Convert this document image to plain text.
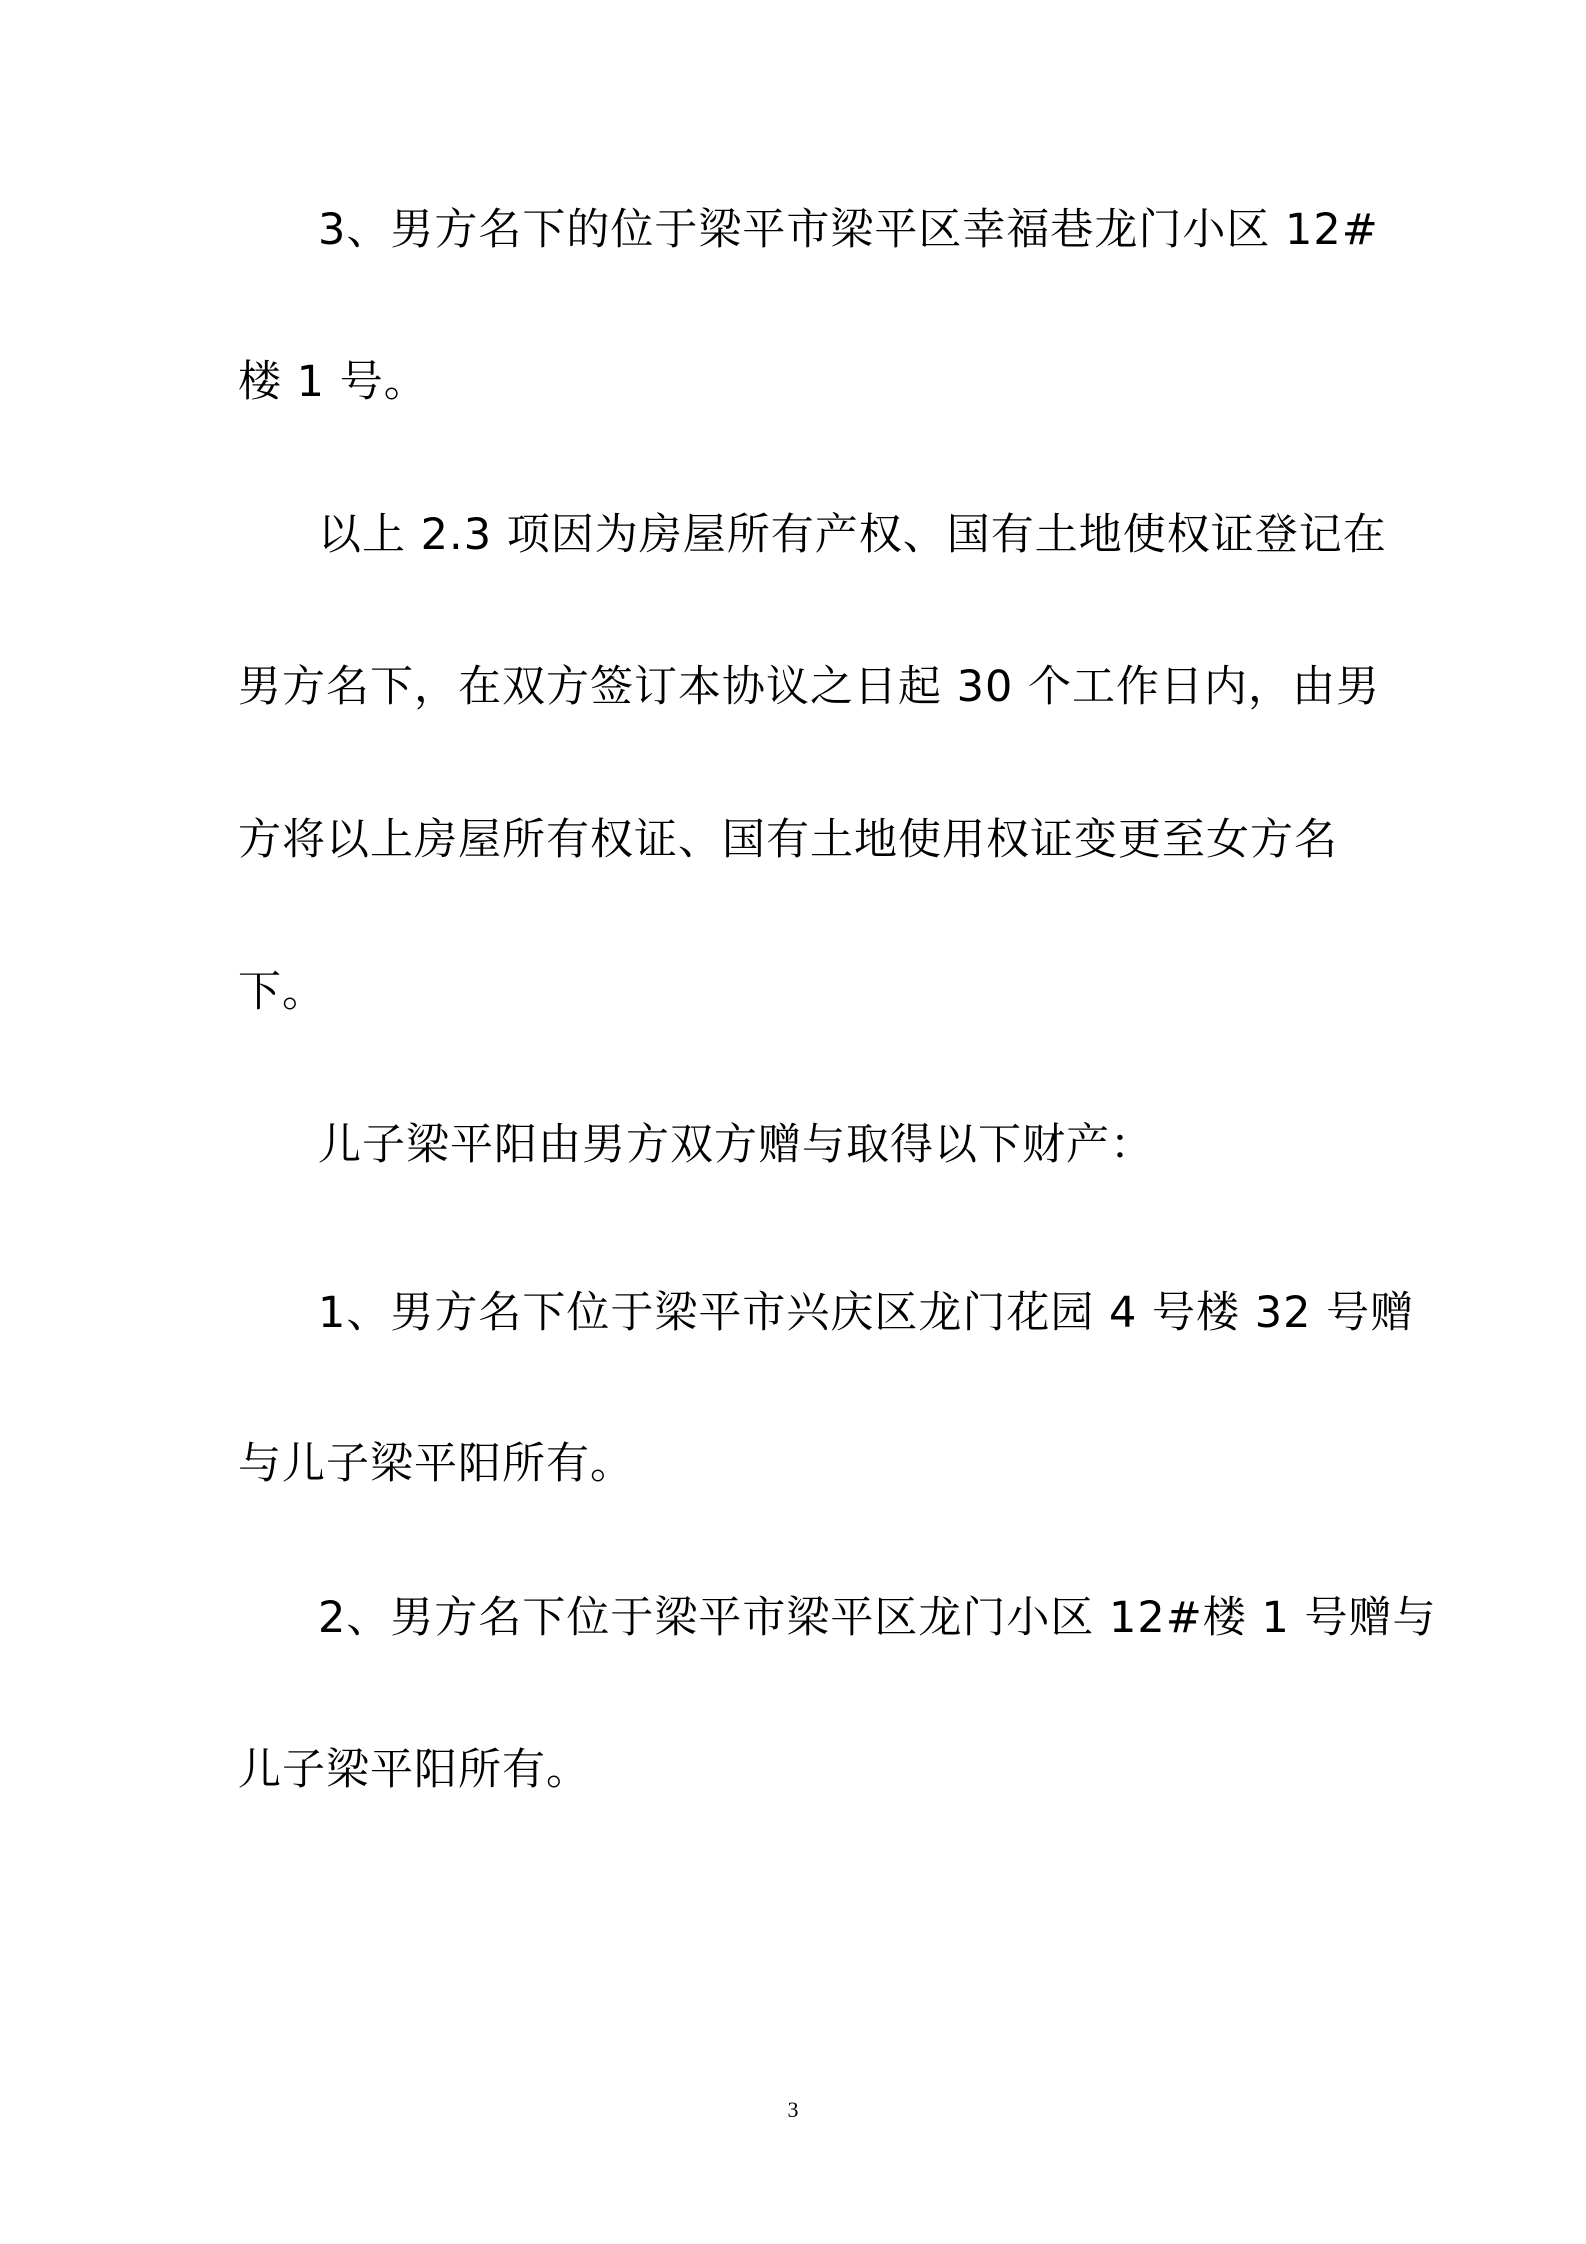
3、男方名下的位于梁平市梁平区幸福巷龙门小区 12#
楼 1 号。
以上 2.3 项因为房屋所有产权、国有土地使权证登记在
男方名下，在双方签订本协议之日起 30 个工作日内，由男
方将以上房屋所有权证、国有土地使用权证变更至女方名
下。
儿子梁平阳由男方双方赠与取得以下财产：
1、男方名下位于梁平市兴庆区龙门花园 4 号楼 32 号赠
与儿子梁平阳所有。
2、男方名下位于梁平市梁平区龙门小区 12#楼 1 号赠与
儿子梁平阳所有。
3
